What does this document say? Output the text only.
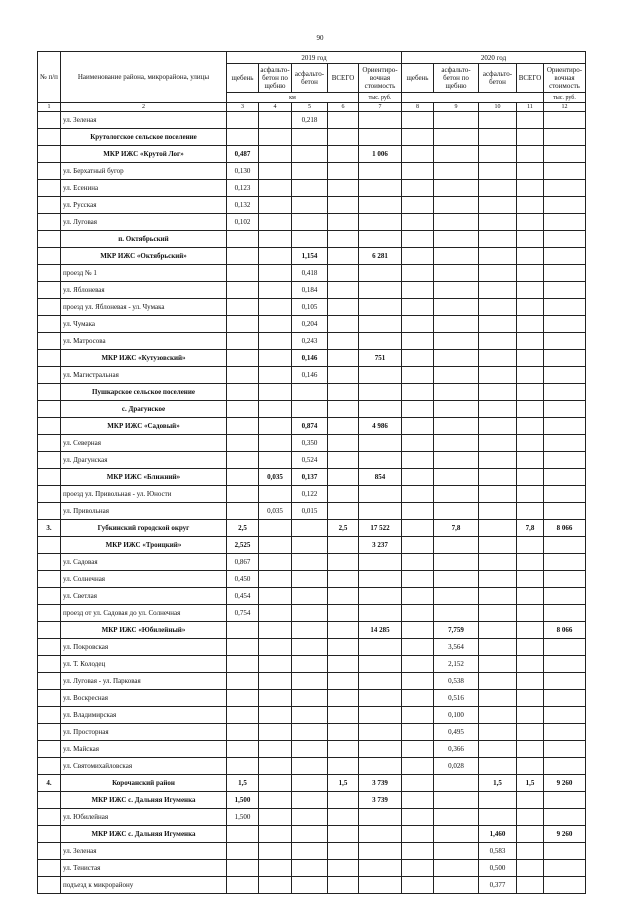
90
№ п/п	Наименование района, микрорайона, улицы	2019 год					2020 год				
		щебень	асфальто-бетон по щебню	асфальто-бетон	ВСЕГО	Ориентиро-вочная стоимость	щебень	асфальто-бетон по щебню	асфальто-бетон	ВСЕГО	Ориентиро-вочная стоимость
		км				тыс. руб.					тыс. руб.
1	2	3	4	5	6	7	8	9	10	11	12
	ул. Зеленая			0,218							
	Крутологское сельское поселение										
	МКР ИЖС «Крутой Лог»	0,487				1 006					
	ул. Берхатный бугор	0,130									
	ул. Есенина	0,123									
	ул. Русская	0,132									
	ул. Луговая	0,102									
	п. Октябрьский										
	МКР ИЖС «Октябрьский»			1,154		6 281					
	проезд № 1			0,418							
	ул. Яблоневая			0,184							
	проезд ул. Яблоневая - ул. Чумака			0,105							
	ул. Чумака			0,204							
	ул. Матросова			0,243							
	МКР ИЖС «Кутузовский»			0,146		751					
	ул. Магистральная			0,146							
	Пушкарское сельское поселение										
	с. Драгунское										
	МКР ИЖС «Садовый»			0,874		4 986					
	ул. Северная			0,350							
	ул. Драгунская			0,524							
	МКР ИЖС «Ближний»		0,035	0,137		854					
	проезд ул. Привольная - ул. Юности			0,122							
	ул. Привольная		0,035	0,015							
3.	Губкинский городской округ	2,5			2,5	17 522		7,8		7,8	8 066
	МКР ИЖС «Троицкий»	2,525				3 237					
	ул. Садовая	0,867									
	ул. Солнечная	0,450									
	ул. Светлая	0,454									
	проезд от ул. Садовая до ул. Солнечная	0,754									
	МКР ИЖС «Юбилейный»					14 285		7,759			8 066
	ул. Покровская							3,564			
	ул. Т. Колодец							2,152			
	ул. Луговая - ул. Парковая							0,538			
	ул. Воскресная							0,516			
	ул. Владимирская							0,100			
	ул. Просторная							0,495			
	ул. Майская							0,366			
	ул. Святомихайловская							0,028			
4.	Корочанский район	1,5			1,5	3 739			1,5	1,5	9 260
	МКР ИЖС с. Дальняя Игуменка	1,500				3 739					
	ул. Юбилейная	1,500									
	МКР ИЖС с. Дальняя Игуменка								1,460		9 260
	ул. Зеленая								0,583		
	ул. Тенистая								0,500		
	подъезд к микрорайону								0,377		
